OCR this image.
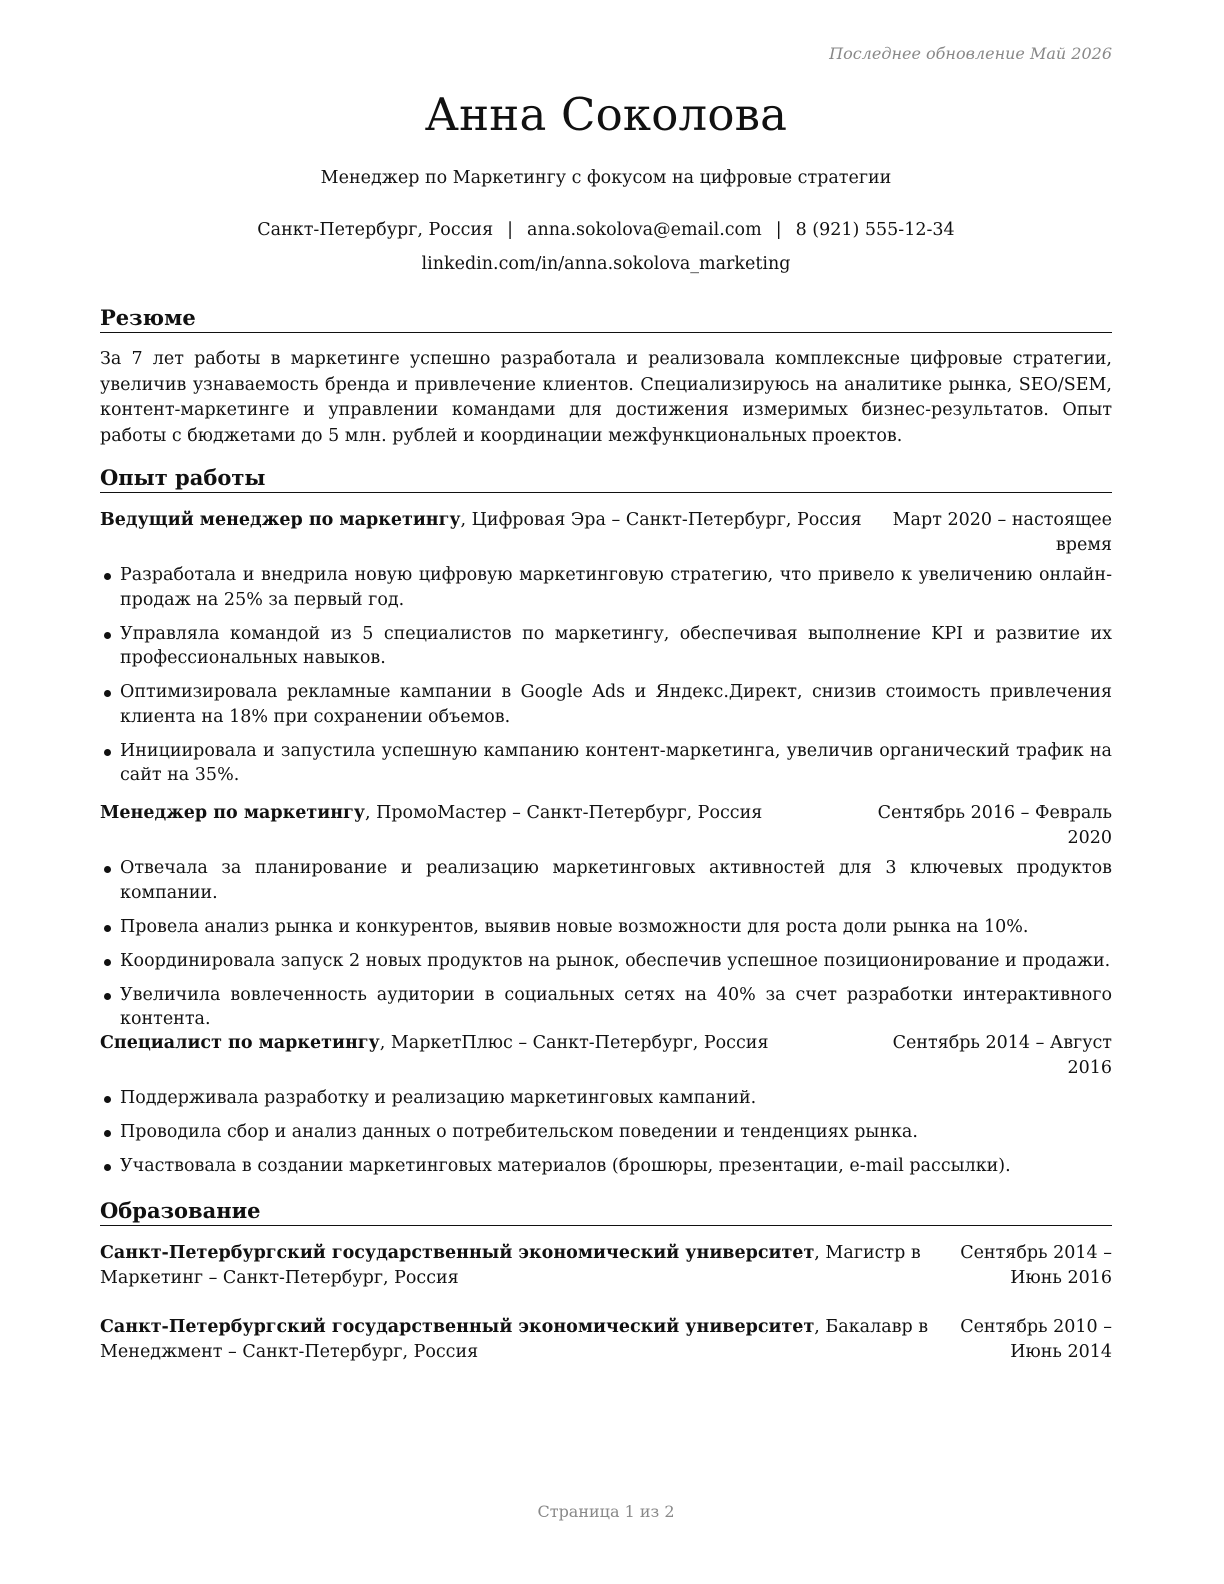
Последнее обновление Май 2026
Анна Соколова
Менеджер по Маркетингу с фокусом на цифровые стратегии
Санкт-Петербург, Россия | anna.sokolova@email.com | 8 (921) 555-12-34
linkedin.com/in/anna.sokolova_marketing
Резюме

За 7 лет работы в маркетинге успешно разработала и реализовала комплексные цифровые стратегии, увеличив узнаваемость бренда и привлечение клиентов. Специализируюсь на аналитике рынка, SEO/SEM, контент-маркетинге и управлении командами для достижения измеримых бизнес-результатов. Опыт работы с бюджетами до 5 млн. рублей и координации межфункциональных проектов.

Опыт работы
Ведущий менеджер по маркетингу, Цифровая Эра – Санкт-Петербург, Россия	Март 2020 – настоящее время
Разработала и внедрила новую цифровую маркетинговую стратегию, что привело к увеличению онлайн-продаж на 25% за первый год.
Управляла командой из 5 специалистов по маркетингу, обеспечивая выполнение KPI и развитие их профессиональных навыков.
Оптимизировала рекламные кампании в Google Ads и Яндекс.Директ, снизив стоимость привлечения клиента на 18% при сохранении объемов.
Инициировала и запустила успешную кампанию контент-маркетинга, увеличив органический трафик на сайт на 35%.
Менеджер по маркетингу, ПромоМастер – Санкт-Петербург, Россия	Сентябрь 2016 – Февраль 2020
Отвечала за планирование и реализацию маркетинговых активностей для 3 ключевых продуктов компании.
Провела анализ рынка и конкурентов, выявив новые возможности для роста доли рынка на 10%.
Координировала запуск 2 новых продуктов на рынок, обеспечив успешное позиционирование и продажи.
Увеличила вовлеченность аудитории в социальных сетях на 40% за счет разработки интерактивного контента.
Специалист по маркетингу, МаркетПлюс – Санкт-Петербург, Россия	Сентябрь 2014 – Август 2016
Поддерживала разработку и реализацию маркетинговых кампаний.
Проводила сбор и анализ данных о потребительском поведении и тенденциях рынка.
Участвовала в создании маркетинговых материалов (брошюры, презентации, e-mail рассылки).
Образование
Санкт-Петербургский государственный экономический университет, Магистр в Маркетинг – Санкт-Петербург, Россия
Сентябрь 2014 – Июнь 2016
Санкт-Петербургский государственный экономический университет, Бакалавр в Менеджмент – Санкт-Петербург, Россия
Сентябрь 2010 – Июнь 2014
Страница 1 из 2
